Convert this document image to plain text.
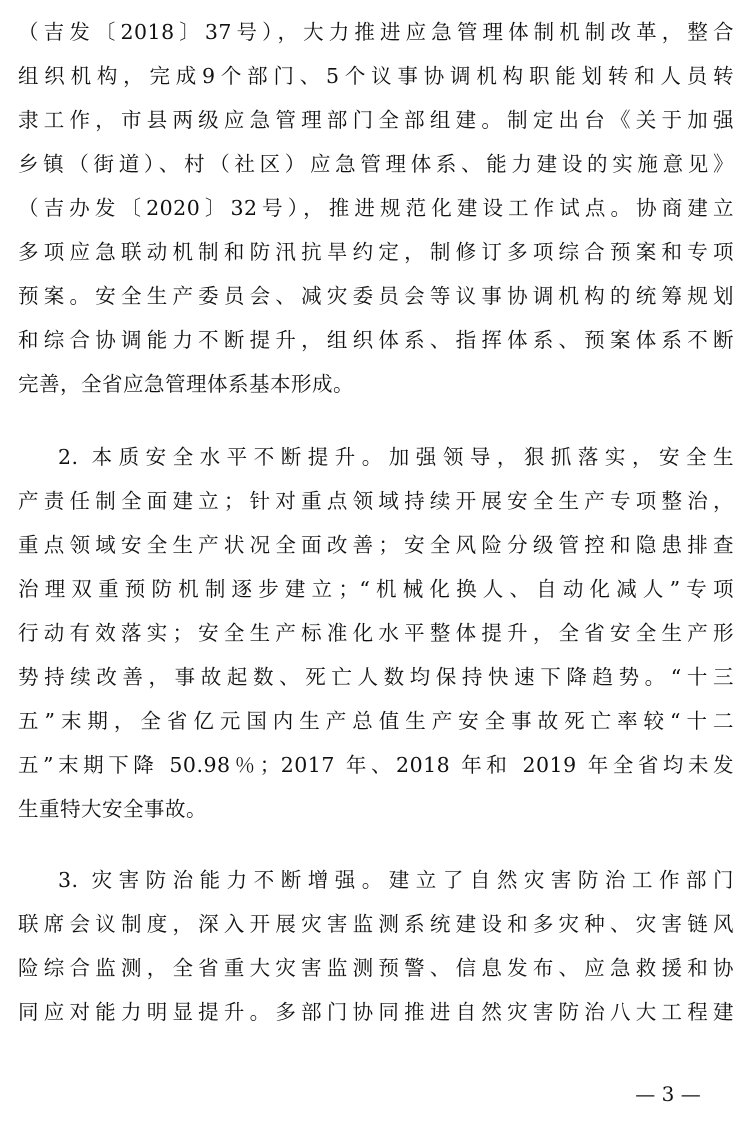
（吉发〔2018〕37号），大力推进应急管理体制机制改革，整合
组织机构，完成9个部门、5个议事协调机构职能划转和人员转
隶工作，市县两级应急管理部门全部组建。制定出台《关于加强
乡镇（街道）、村（社区）应急管理体系、能力建设的实施意见》
（吉办发〔2020〕32号），推进规范化建设工作试点。协商建立
多项应急联动机制和防汛抗旱约定，制修订多项综合预案和专项
预案。安全生产委员会、减灾委员会等议事协调机构的统筹规划
和综合协调能力不断提升，组织体系、指挥体系、预案体系不断
完善，全省应急管理体系基本形成。
2. 本质安全水平不断提升。加强领导，狠抓落实，安全生
产责任制全面建立；针对重点领域持续开展安全生产专项整治，
重点领域安全生产状况全面改善；安全风险分级管控和隐患排查
治理双重预防机制逐步建立；“机械化换人、自动化减人”专项
行动有效落实；安全生产标准化水平整体提升，全省安全生产形
势持续改善，事故起数、死亡人数均保持快速下降趋势。“十三
五”末期，全省亿元国内生产总值生产安全事故死亡率较“十二
五”末期下降 50.98％；2017 年、2018 年和 2019 年全省均未发
生重特大安全事故。
3. 灾害防治能力不断增强。建立了自然灾害防治工作部门
联席会议制度，深入开展灾害监测系统建设和多灾种、灾害链风
险综合监测，全省重大灾害监测预警、信息发布、应急救援和协
同应对能力明显提升。多部门协同推进自然灾害防治八大工程建
— 3 —
